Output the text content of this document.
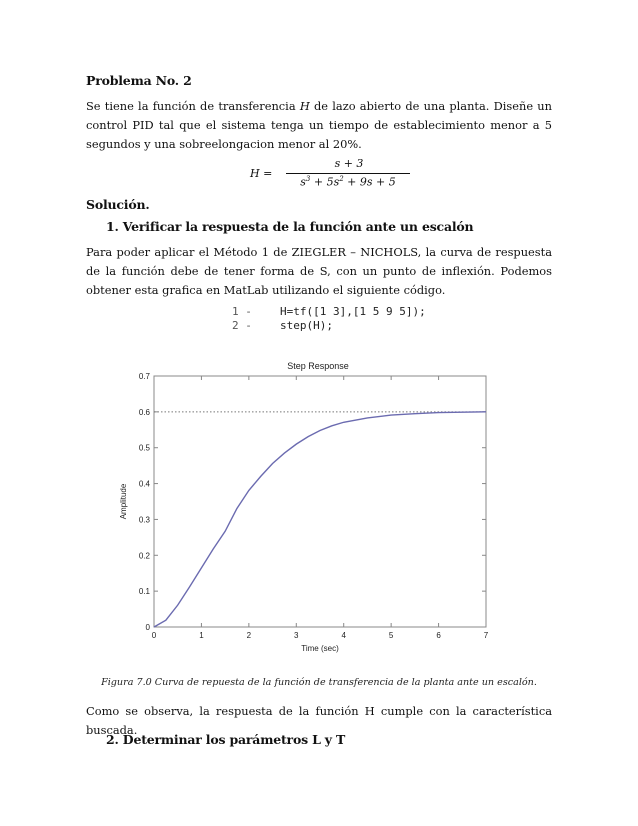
Problema No. 2
Se tiene la función de transferencia H de lazo abierto de una planta. Diseñe un control PID tal que el sistema tenga un tiempo de establecimiento menor a 5 segundos y una sobreelongacion menor al 20%.
H =
s + 3
$s^3 + 5s^2 + 9s + 5$
Solución.
1. Verificar la respuesta de la función ante un escalón
Para poder aplicar el Método 1 de ZIEGLER – NICHOLS, la curva de respuesta de la función debe de tener forma de S, con un punto de inflexión. Podemos obtener esta grafica en MatLab utilizando el siguiente código.
1 -	H=tf([1 3],[1 5 9 5]);
2 -	step(H);
Step Response
0	1	2	3	4	5	6	7
0
0.1
0.2
0.3
0.4
0.5
0.6
0.7
Time (sec)
Amplitude
Figura 7.0 Curva de repuesta de la función de transferencia de la planta ante un escalón.
Como se observa, la respuesta de la función H cumple con la característica buscada.
2. Determinar los parámetros L y T
